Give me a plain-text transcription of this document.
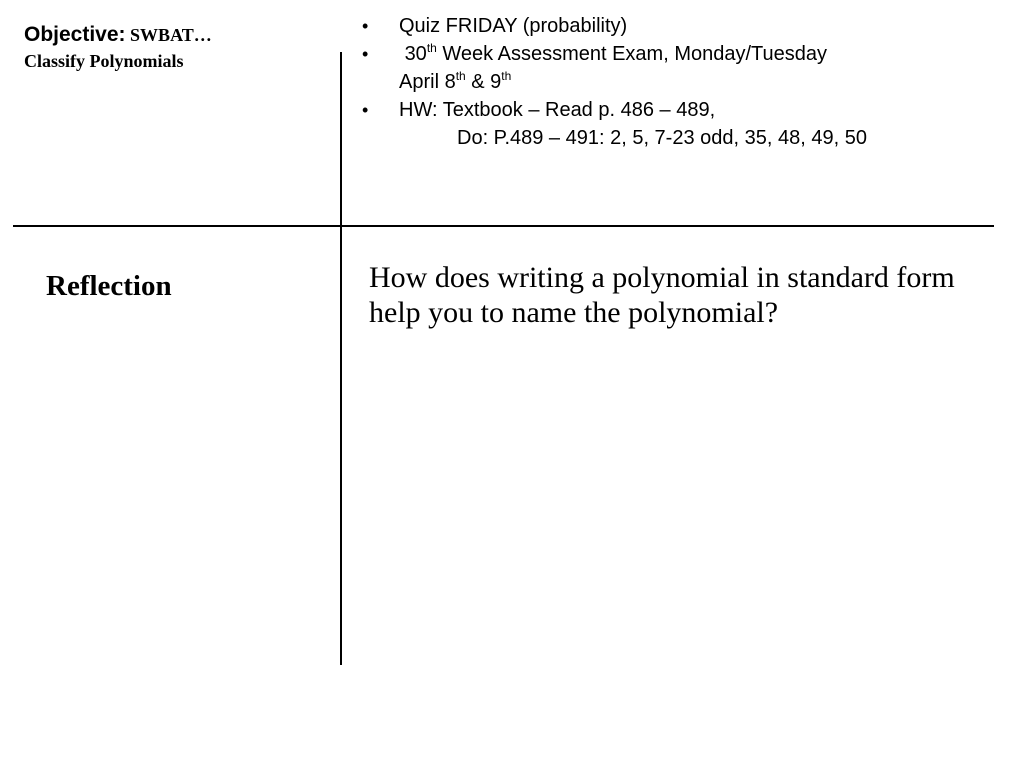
Objective: SWBAT…
Classify Polynomials
• Quiz FRIDAY (probability)
• 30th Week Assessment Exam, Monday/Tuesday
April 8th & 9th
• HW: Textbook – Read p. 486 – 489,
Do: P.489 – 491: 2, 5, 7-23 odd, 35, 48, 49, 50
Reflection	How does writing a polynomial in standard form help you to name the polynomial?
